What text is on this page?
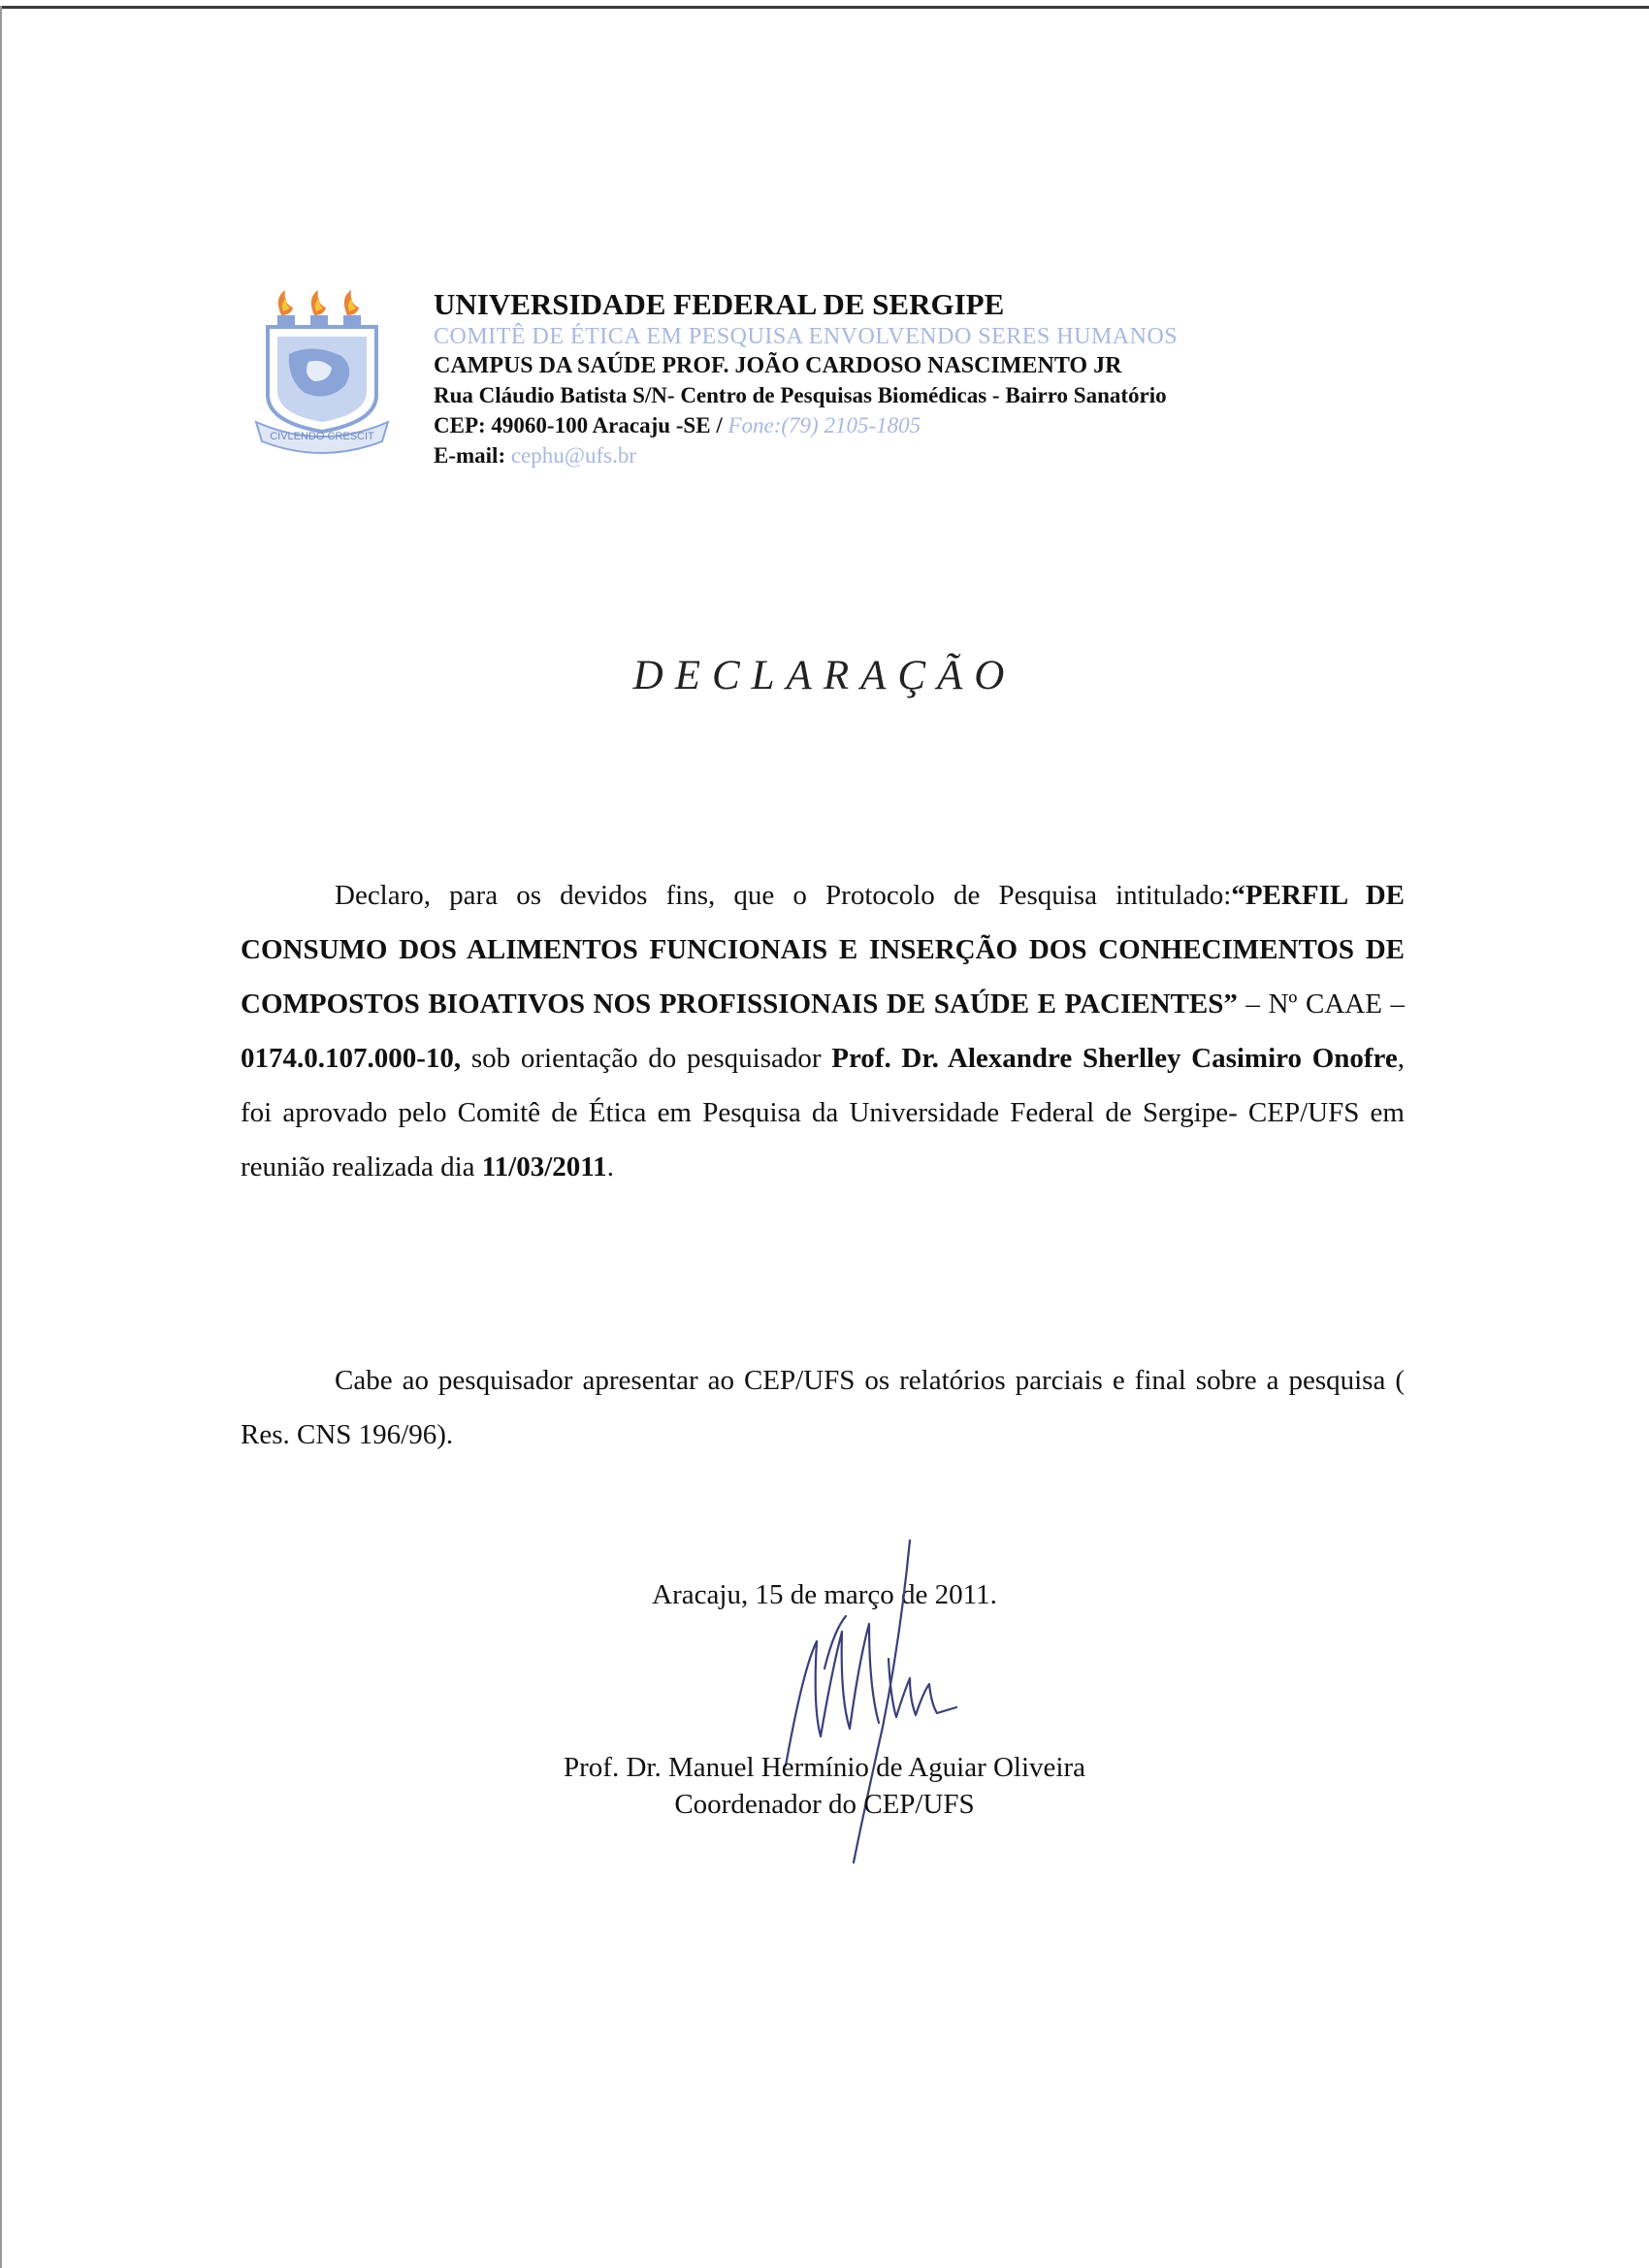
CIVLENDO CRESCIT
UNIVERSIDADE FEDERAL DE SERGIPE
COMITÊ DE ÉTICA EM PESQUISA ENVOLVENDO SERES HUMANOS
CAMPUS DA SAÚDE PROF. JOÃO CARDOSO NASCIMENTO JR
Rua Cláudio Batista S/N- Centro de Pesquisas Biomédicas - Bairro Sanatório
CEP: 49060-100 Aracaju -SE / Fone:(79) 2105-1805
E-mail: cephu@ufs.br
DECLARAÇÃO
Declaro, para os devidos fins, que o Protocolo de Pesquisa intitulado:“PERFIL DE CONSUMO DOS ALIMENTOS FUNCIONAIS E INSERÇÃO DOS CONHECIMENTOS DE COMPOSTOS BIOATIVOS NOS PROFISSIONAIS DE SAÚDE E PACIENTES” – Nº CAAE – 0174.0.107.000-10, sob orientação do pesquisador Prof. Dr. Alexandre Sherlley Casimiro Onofre, foi aprovado pelo Comitê de Ética em Pesquisa da Universidade Federal de Sergipe- CEP/UFS em reunião realizada dia 11/03/2011.
Cabe ao pesquisador apresentar ao CEP/UFS os relatórios parciais e final sobre a pesquisa ( Res. CNS 196/96).
Aracaju, 15 de março de 2011.
Prof. Dr. Manuel Hermínio de Aguiar Oliveira
Coordenador do CEP/UFS
